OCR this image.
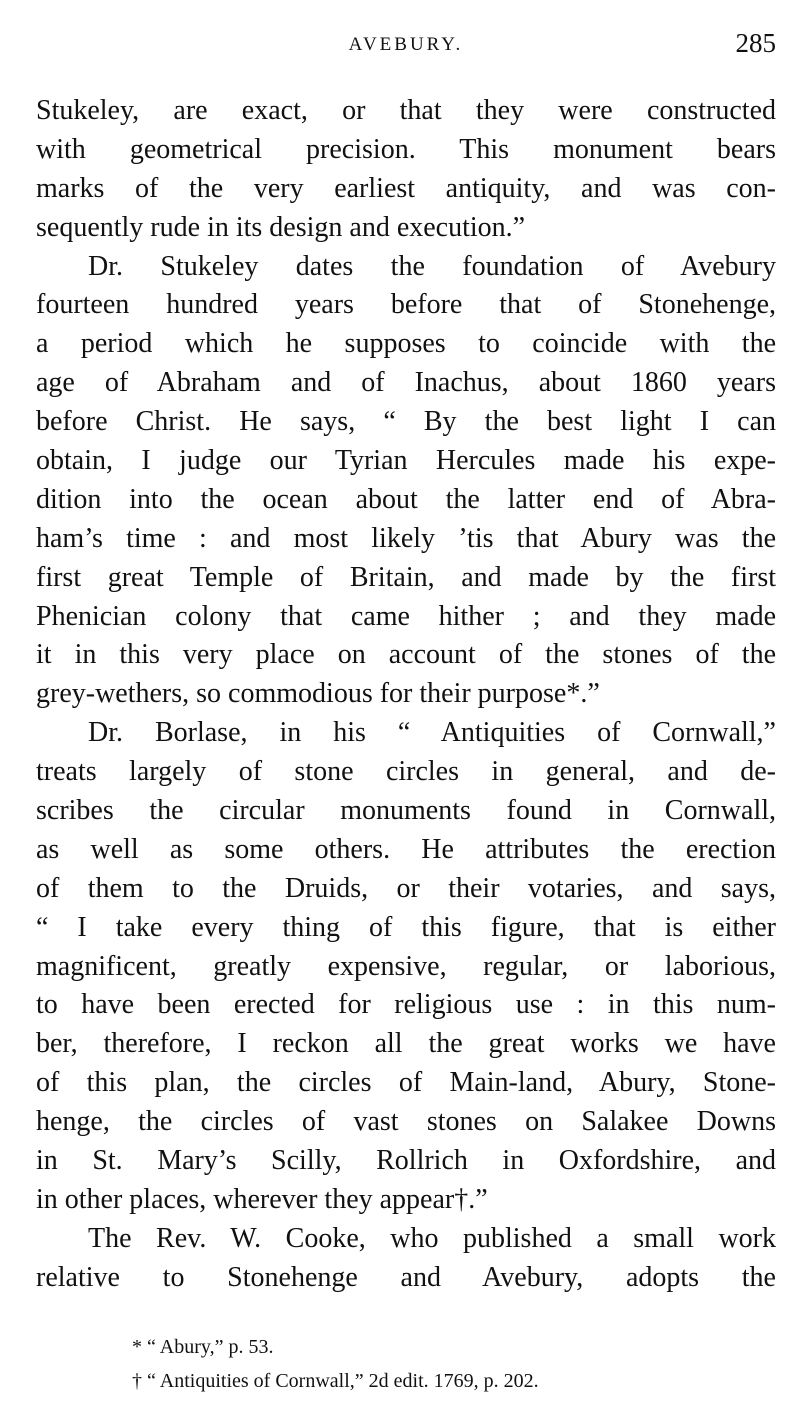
AVEBURY.	285
Stukeley, are exact, or that they were constructed
with geometrical precision. This monument bears
marks of the very earliest antiquity, and was con-
sequently rude in its design and execution.”
Dr. Stukeley dates the foundation of Avebury
fourteen hundred years before that of Stonehenge,
a period which he supposes to coincide with the
age of Abraham and of Inachus, about 1860 years
before Christ. He says, “ By the best light I can
obtain, I judge our Tyrian Hercules made his expe-
dition into the ocean about the latter end of Abra-
ham’s time : and most likely ’tis that Abury was the
first great Temple of Britain, and made by the first
Phenician colony that came hither ; and they made
it in this very place on account of the stones of the
grey-wethers, so commodious for their purpose*.”
Dr. Borlase, in his “ Antiquities of Cornwall,”
treats largely of stone circles in general, and de-
scribes the circular monuments found in Cornwall,
as well as some others. He attributes the erection
of them to the Druids, or their votaries, and says,
“ I take every thing of this figure, that is either
magnificent, greatly expensive, regular, or laborious,
to have been erected for religious use : in this num-
ber, therefore, I reckon all the great works we have
of this plan, the circles of Main-land, Abury, Stone-
henge, the circles of vast stones on Salakee Downs
in St. Mary’s Scilly, Rollrich in Oxfordshire, and
in other places, wherever they appear†.”
The Rev. W. Cooke, who published a small work
relative to Stonehenge and Avebury, adopts the
* “ Abury,” p. 53.
† “ Antiquities of Cornwall,” 2d edit. 1769, p. 202.
